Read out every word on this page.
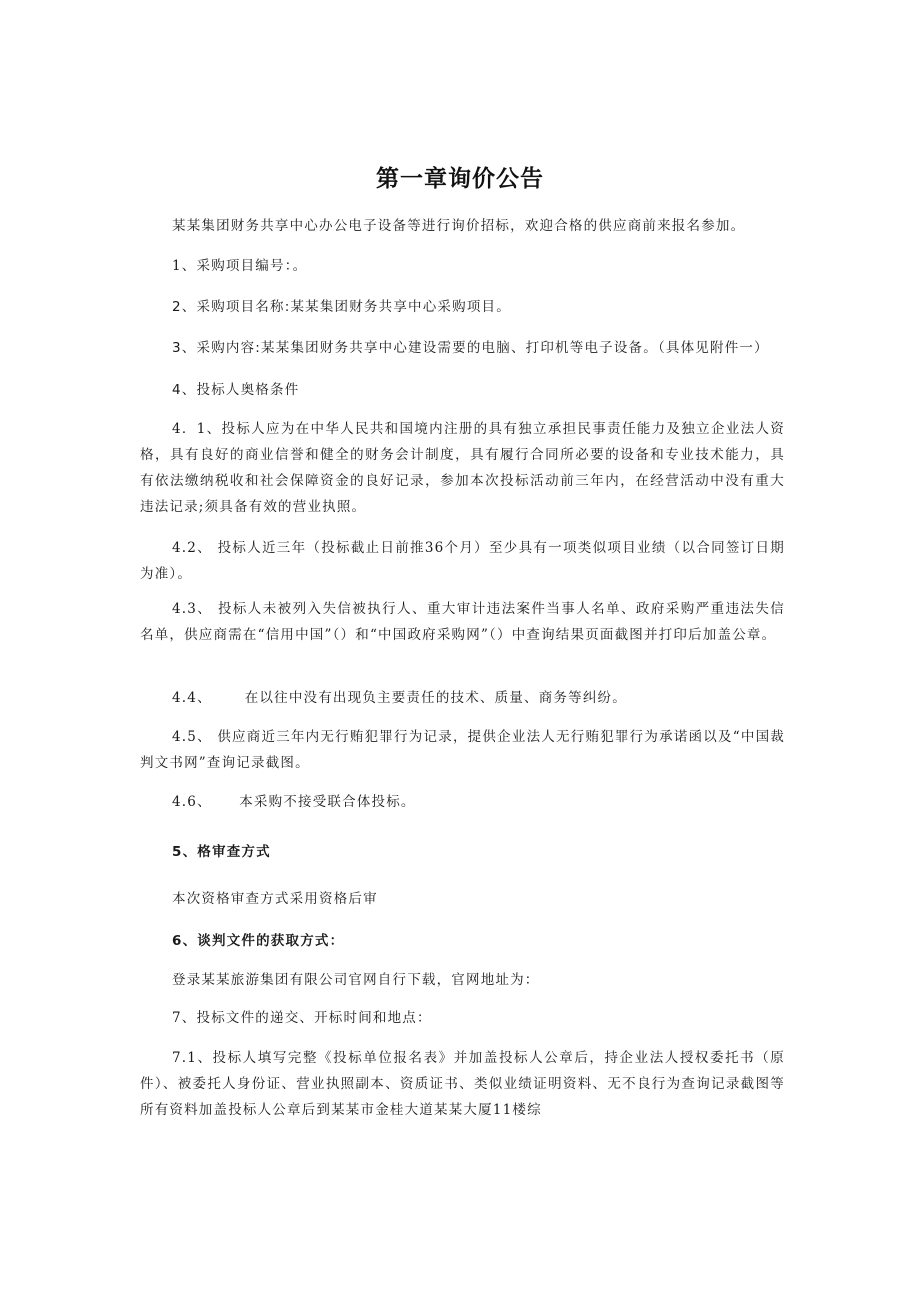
第一章询价公告
某某集团财务共享中心办公电子设备等进行询价招标，欢迎合格的供应商前来报名参加。
1、采购项目编号：。
2、采购项目名称:某某集团财务共享中心采购项目。
3、采购内容:某某集团财务共享中心建设需要的电脑、打印机等电子设备。（具体见附件一）
4、投标人奥格条件
4．1、投标人应为在中华人民共和国境内注册的具有独立承担民事责任能力及独立企业法人资格，具有良好的商业信誉和健全的财务会计制度，具有履行合同所必要的设备和专业技术能力，具有依法缴纳税收和社会保障资金的良好记录，参加本次投标活动前三年内，在经营活动中没有重大违法记录;须具备有效的营业执照。
4.2、 投标人近三年（投标截止日前推36个月）至少具有一项类似项目业绩（以合同签订日期为准）。
4.3、 投标人未被列入失信被执行人、重大审计违法案件当事人名单、政府采购严重违法失信名单，供应商需在“信用中国”（）和“中国政府采购网”（）中查询结果页面截图并打印后加盖公章。
4.4、      在以往中没有出现负主要责任的技术、质量、商务等纠纷。
4.5、 供应商近三年内无行贿犯罪行为记录，提供企业法人无行贿犯罪行为承诺函以及“中国裁判文书网”查询记录截图。
4.6、     本采购不接受联合体投标。
5、格审查方式
本次资格审查方式采用资格后审
6、谈判文件的获取方式：
登录某某旅游集团有限公司官网自行下载，官网地址为：
7、投标文件的递交、开标时间和地点：
7.1、投标人填写完整《投标单位报名表》并加盖投标人公章后，持企业法人授权委托书（原件）、被委托人身份证、营业执照副本、资质证书、类似业绩证明资料、无不良行为查询记录截图等所有资料加盖投标人公章后到某某市金桂大道某某大厦11楼综
